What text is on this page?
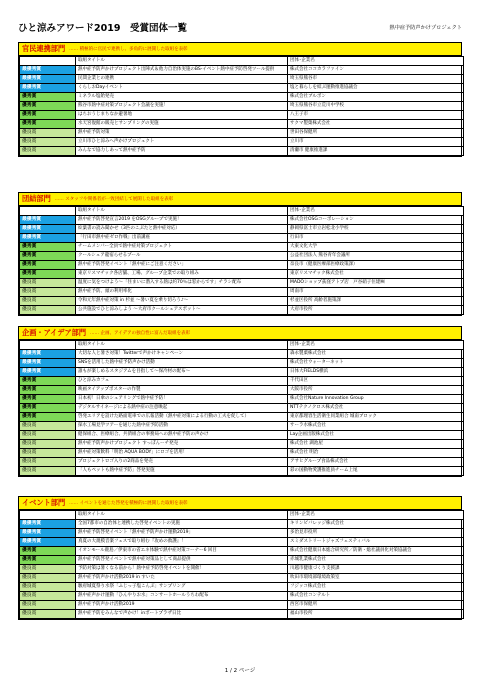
ひと涼みアワード2019　受賞団体一覧	熱中症予防声かけプロジェクト
官民連携部門 …… 積極的に官民で連携し、多角的に展開した取組を表彰
	取組タイトル	団体･企業名
最優秀賞	熱中症予防声かけプロジェクト出陣式＆他力自治体実施のBS-イベント熱中症予防啓発ツール提供	株式会社ココカラファイン
最優秀賞	民間企業との連携	埼玉県熊谷市
最優秀賞	くらしおDayイベント	塩と暮らしを結ぶ運動推進協議会
優秀賞	ミネラル塩飴発売	株式会社ブルボン
優秀賞	熊谷市熱中症対策プロジェクト会議を実施！	埼玉県熊谷市立荒川中学校
優秀賞	はちおうじまちなか避暑地	八王子市
優秀賞	水天宮復館の販売とサンプリングの実施	サクマ製菓株式会社
優良賞	熱中症予防対策	世田谷保健所
優良賞	立川市ひと涼みへ声かけプロジェクト	立川市
優良賞	みんなで協力しあって熱中症予防	清瀬市 健康推進課
団結部門 …… スタッフや関係者が一致団結して展開した取組を表彰
	取組タイトル	団体･企業名
最優秀賞	熱中症予防啓発宣言2019 をOSGグループで実施！	株式会社OSGコーポレーション
最優秀賞	絵葉書の読み聞かせ（3匹のこぶたと熱中症対応）	静岡県富士市立岩松北小学校
最優秀賞	「行田市熱中症ゼロ作戦」出前講座	行田市
優秀賞	チームメンバー全員で熱中症対策プロジェクト	大東文化大学
優秀賞	クールシェア龍宿らせるプール	公益社団法人 熊谷青年会議所
優秀賞	熱中症予防啓発イベント「熱中症にご注意ください」	奈良市（健康医療部医療政策課）
優秀賞	東京リスマチック各店舗、工場、グループ企業での取り組み	東京リスマチック株式会社
優良賞	温度に気をつけよう～「住まいに潜入する熱は約70％は窓からです」チラシ配布	MADOショップ荻窪アトプ店　戸谷硝子住建㈱
優良賞	熱中症予防、頭の利用率化	周南市
優良賞	令和元年熱中症対策 in 杉並 ～暑い夏を乗り切ろう♪～	杉並区役所 高齢者施策課
優良賞	公共施設でひと涼みしよう ～大府市クールシェアスポット～	大府市役所
企画・アイデア部門 …… 企画、アイデアの独自性に富んだ取組を表彰
	取組タイトル	団体･企業名
最優秀賞	大切な人と暑さ対策！Twitterで声かけキャンペーン	森永製菓株式会社
最優秀賞	SNSを活用した熱中症予防声かけ活動	株式会社ウォーターネット
最優秀賞	誰もが楽しめるスタジアムを目指して～保冷材の配布～	日体大FIELDS横浜
優秀賞	ひと涼みカフェ	千代田区
優秀賞	映画タイアップポスターの作製	大阪市役所
優秀賞	日本初！日傘のシェアリングで熱中症予防！	株式会社Nature Innovation Group
優秀賞	デジタルサイネージによる熱中症の注意喚起	NTTテクノクロス株式会社
優秀賞	啓発エリアを設けた路面電車での広報活動（熱中症対策による行動の工夫を促して）	東京都理容生活衛生同業組合 城南ブロック
優良賞	探水工場見学ツアーを通じた熱中症予防活動	サーラ水株式会社
優良賞	健保組合、医療組合、共済組合の事務局への熱中症予防の声かけ	Lay企画出版株式会社
優良賞	熱中症予防声かけプロジェクト すっぽんーチ発売	株式会社 湖池屋
優良賞	熱中症対策飲料「明治 AQUA BODY」にロゴを活用！	株式会社 明治
優良賞	プロジェクトロゴ入りの2商品を発売	アサヒグループ食品株式会社
優良賞	「人もペットも熱中症予防」啓発実施	彩の国動物愛護推進員チーム上尾
イベント部門 …… イベントを通じた啓発を積極的に展開した取組を表彰
	取組タイトル	団体･企業名
最優秀賞	全国7都市の自治体と連携した啓発イベントの実施	キリンビバレッジ株式会社
最優秀賞	熱中症予防啓発イベント「熱中症予防声かけ運動2019」	多治見市役所
最優秀賞	真夏の大規模音楽フェスで取り組む『攻めの救護』！	スミダストリートジャズフェスティバル
優秀賞	イオンモール鹿島／伊東市の省エネ体験で熱中症対策コーナー6 回目	株式会社健康日本総合研究所／防衛・総社議員化対策協議会
優秀賞	熱中症予防啓発イベントで熱中症対策品として商品提供	赤城乳業株式会社
優良賞	予防対策は暑くなる前から！熱中症予防啓発イベントを開催！	川越市健康づくり支援課
優良賞	熱中症予防声かけ活動2019 in すいた	吹田市環境部環境政策室
優良賞	駿府城夏祭り水祭「ふじっ子塩こんぶ」サンプリング	フジッコ株式会社
優良賞	熱中症声かけ運動「ひんやりお水」コンサートホールうちわ配布	株式会社コンテルト
優良賞	熱中症予防声かけ活動2019	西宮市保健所
優良賞	熱中症予防をみんなで声かけ！inボートプラザ日比	福山市役所
1 / 2 ページ
